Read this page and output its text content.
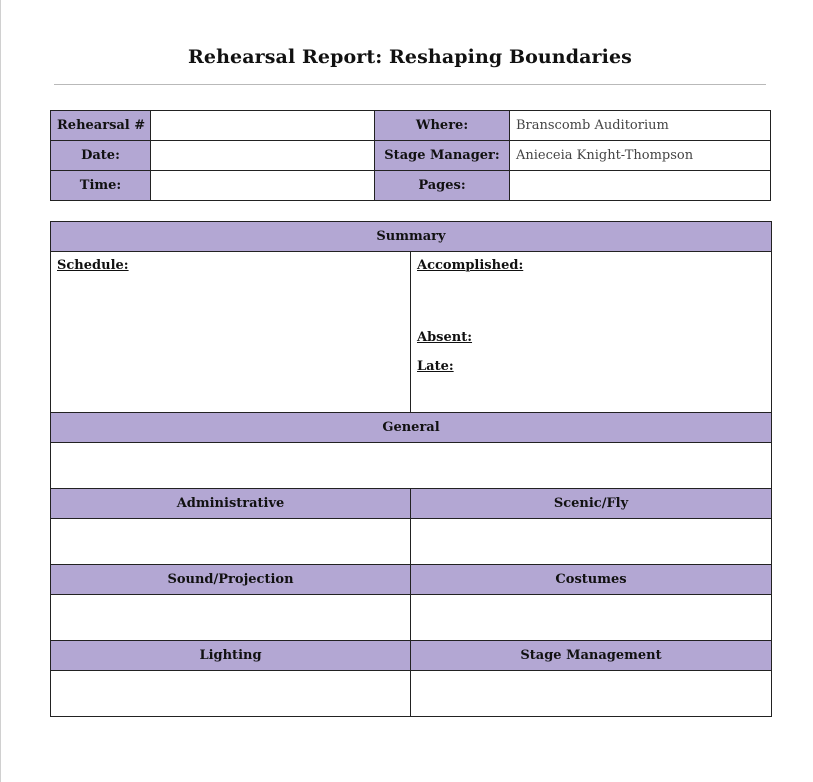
Rehearsal Report: Reshaping Boundaries
Rehearsal #		Where:	Branscomb Auditorium
Date:		Stage Manager:	Anieceia Knight-Thompson
Time:		Pages:	
Summary	

Schedule:	Accomplished:
Absent:
Late:

General	

Administrative	Scenic/Fly

Sound/Projection	Costumes

Lighting	Stage Management
